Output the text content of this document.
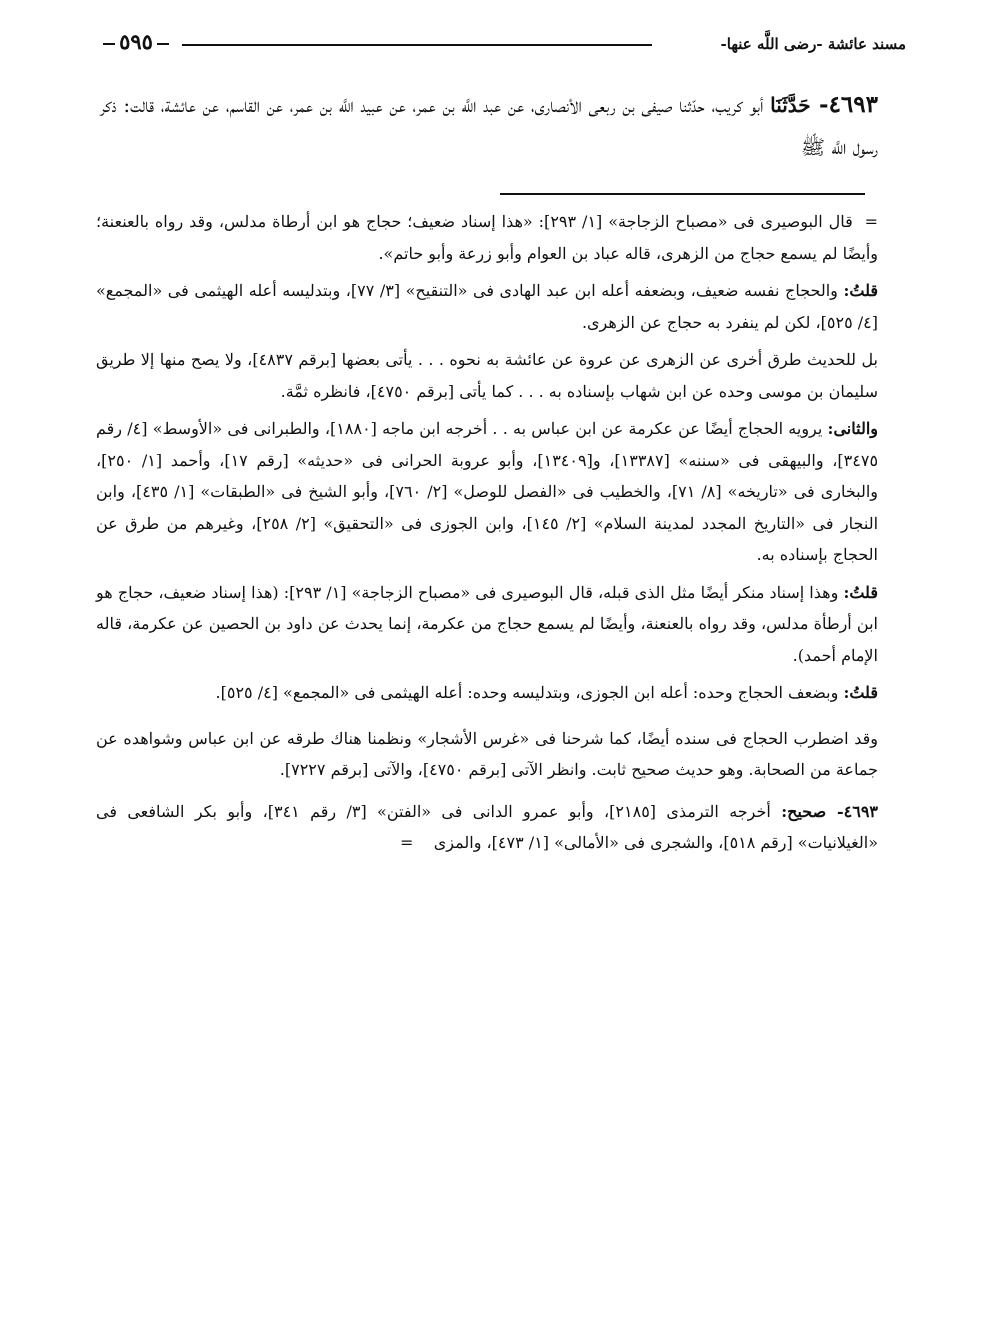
مسند عائشة -رضى اللَّه عنها-
٥٩٥
٤٦٩٣- حَدَّثَنَا أبو كريب، حدّثنا صيفى بن ربعى الأنصارى، عن عبد اللَّه بن عمر، عن عبيد اللَّه بن عمر، عن القاسم، عن عائشة، قالت: ذكر رسول اللَّه ﷺ

=  قال البوصيرى فى «مصباح الزجاجة» [١/ ٢٩٣]: «هذا إسناد ضعيف؛ حجاج هو ابن أرطاة مدلس، وقد رواه بالعنعنة؛ وأيضًا لم يسمع حجاج من الزهرى، قاله عباد بن العوام وأبو زرعة وأبو حاتم».

قلتُ: والحجاج نفسه ضعيف، وبضعفه أعله ابن عبد الهادى فى «التنقيح» [٣/ ٧٧]، وبتدليسه أعله الهيثمى فى «المجمع» [٤/ ٥٢٥]، لكن لم ينفرد به حجاج عن الزهرى.

بل للحديث طرق أخرى عن الزهرى عن عروة عن عائشة به نحوه . . . يأتى بعضها [برقم ٤٨٣٧]، ولا يصح منها إلا طريق سليمان بن موسى وحده عن ابن شهاب بإسناده به . . . كما يأتى [برقم ٤٧٥٠]، فانظره ثمَّة.

والثانى: يرويه الحجاج أيضًا عن عكرمة عن ابن عباس به . . أخرجه ابن ماجه [١٨٨٠]، والطبرانى فى «الأوسط» [٤/ رقم ٣٤٧٥]، والبيهقى فى «سننه» [١٣٣٨٧]، و[١٣٤٠٩]، وأبو عروبة الحرانى فى «حديثه» [رقم ١٧]، وأحمد [١/ ٢٥٠]، والبخارى فى «تاريخه» [٨/ ٧١]، والخطيب فى «الفصل للوصل» [٢/ ٧٦٠]، وأبو الشيخ فى «الطبقات» [١/ ٤٣٥]، وابن النجار فى «التاريخ المجدد لمدينة السلام» [٢/ ١٤٥]، وابن الجوزى فى «التحقيق» [٢/ ٢٥٨]، وغيرهم من طرق عن الحجاج بإسناده به.

قلتُ: وهذا إسناد منكر أيضًا مثل الذى قبله، قال البوصيرى فى «مصباح الزجاجة» [١/ ٢٩٣]: (هذا إسناد ضعيف، حجاج هو ابن أرطأة مدلس، وقد رواه بالعنعنة، وأيضًا لم يسمع حجاج من عكرمة، إنما يحدث عن داود بن الحصين عن عكرمة، قاله الإمام أحمد).

قلتُ: وبضعف الحجاج وحده: أعله ابن الجوزى، وبتدليسه وحده: أعله الهيثمى فى «المجمع» [٤/ ٥٢٥].

وقد اضطرب الحجاج فى سنده أيضًا، كما شرحنا فى «غرس الأشجار» ونظمنا هناك طرقه عن ابن عباس وشواهده عن جماعة من الصحابة. وهو حديث صحيح ثابت. وانظر الآتى [برقم ٤٧٥٠]، والآتى [برقم ٧٢٢٧].

٤٦٩٣- صحيح: أخرجه الترمذى [٢١٨٥]، وأبو عمرو الدانى فى «الفتن» [٣/ رقم ٣٤١]، وأبو بكر الشافعى فى «الغيلانيات» [رقم ٥١٨]، والشجرى فى «الأمالى» [١/ ٤٧٣]، والمزى    =
